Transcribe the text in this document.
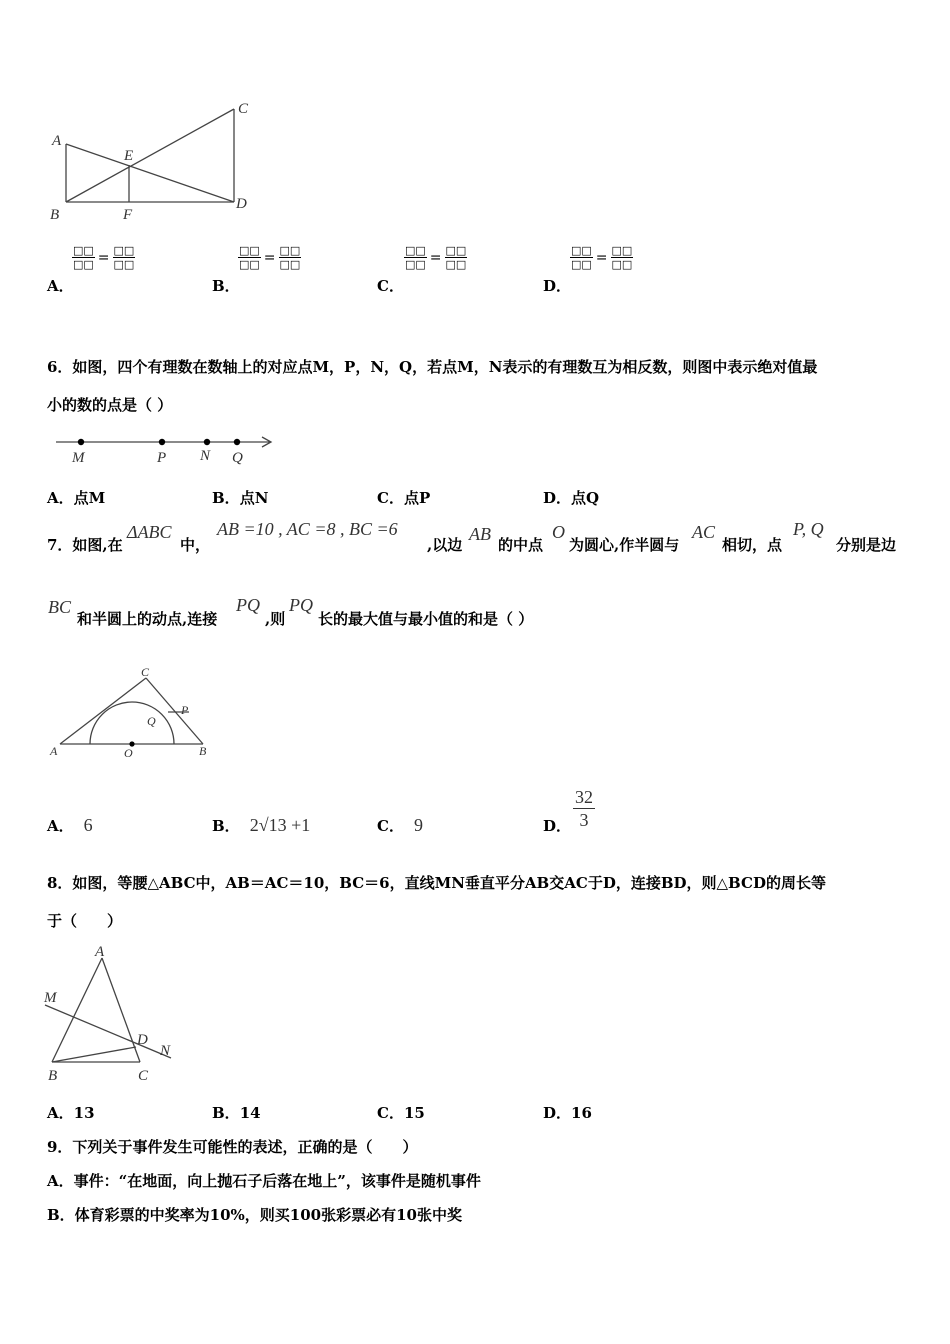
A
B
C
D
E
F
$\frac{□□}{□□} = \frac{□□}{□□}$	$\frac{□□}{□□} = \frac{□□}{□□}$	$\frac{□□}{□□} = \frac{□□}{□□}$	$\frac{□□}{□□} = \frac{□□}{□□}$
A．	B．	C．	D．
6．如图，四个有理数在数轴上的对应点M，P，N，Q，若点M，N表示的有理数互为相反数，则图中表示绝对值最
小的数的点是（ ）
M	P N Q
A．点M	B．点N	C．点P	D．点Q
7．如图,在
ΔABC
中，
AB =10 , AC =8 , BC =6
,以边
AB
的中点
O
为圆心,作半圆与
AC
相切，点
P, Q
分别是边
BC
和半圆上的动点,连接
PQ
,则
PQ
长的最大值与最小值的和是（ ）
A	B
C
O
P
Q
A． 6	B． 2√13 +1	C． 9	D．
32
3
8．如图，等腰△ABC中，AB＝AC＝10，BC＝6，直线MN垂直平分AB交AC于D，连接BD，则△BCD的周长等
于（　　）
A
B	C
D
M
N
A．13	B．14	C．15	D．16
9．下列关于事件发生可能性的表述，正确的是（　　）
A．事件：“在地面，向上抛石子后落在地上”，该事件是随机事件
B．体育彩票的中奖率为10%，则买100张彩票必有10张中奖
